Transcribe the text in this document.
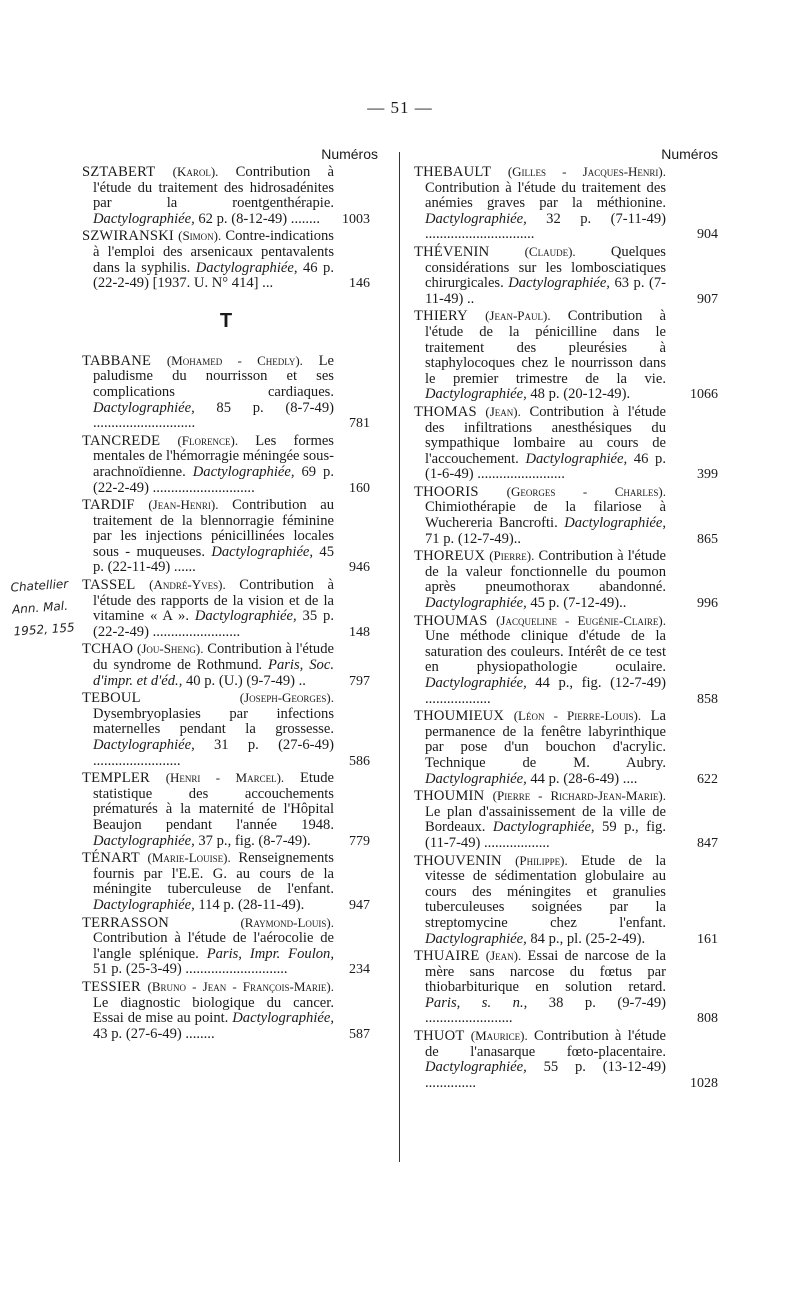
— 51 —
Numéros
SZTABERT (Karol). Contribution à l'étude du traitement des hidrosadénites par la roentgenthérapie. Dactylographiée, 62 p. (8-12-49) ........ 1003
SZWIRANSKI (Simon). Contre-indications à l'emploi des arsenicaux pentavalents dans la syphilis. Dactylographiée, 46 p. (22-2-49) [1937. U. N° 414] ...	146
T
TABBANE (Mohamed - Chedly). Le paludisme du nourrisson et ses complications cardiaques. Dactylographiée, 85 p. (8-7-49) ............................	781
TANCREDE (Florence). Les formes mentales de l'hémorragie méningée sous-arachnoïdienne. Dactylographiée, 69 p. (22-2-49) ............................	160
TARDIF (Jean-Henri). Contribution au traitement de la blennorragie féminine par les injections pénicillinées locales sous - muqueuses. Dactylographiée, 45 p. (22-11-49) ......	946
TASSEL (André-Yves). Contribution à l'étude des rapports de la vision et de la vitamine « A ». Dactylographiée, 35 p. (22-2-49) ........................	148
TCHAO (Jou-Sheng). Contribution à l'étude du syndrome de Rothmund. Paris, Soc. d'impr. et d'éd., 40 p. (U.) (9-7-49) ..	797
TEBOUL	(Joseph-Georges). Dysembryoplasies par infections maternelles pendant la grossesse. Dactylographiée, 31 p. (27-6-49) ........................	586
TEMPLER (Henri - Marcel). Etude statistique des accouchements prématurés à la maternité de l'Hôpital Beaujon pendant l'année 1948. Dactylographiée, 37 p., fig. (8-7-49).	779
TÉNART (Marie-Louise). Renseignements fournis par l'E.E. G. au cours de la méningite tuberculeuse de l'enfant. Dactylographiée, 114 p. (28-11-49).	947
TERRASSON	(Raymond-Louis). Contribution à l'étude de l'aérocolie de l'angle splénique. Paris, Impr. Foulon, 51 p. (25-3-49) ............................	234
TESSIER (Bruno - Jean - François-Marie). Le diagnostic biologique du cancer. Essai de mise au point. Dactylographiée, 43 p. (27-6-49) ........	587
Chatellier
Ann. Mal.
1952, 155
Numéros
THEBAULT (Gilles - Jacques-Henri). Contribution à l'étude du traitement des anémies graves par la méthionine. Dactylographiée, 32 p. (7-11-49) ..............................	904
THÉVENIN	(Claude). Quelques considérations sur les lombosciatiques chirurgicales. Dactylographiée, 63 p. (7-11-49) ..	907
THIERY (Jean-Paul). Contribution à l'étude de la pénicilline dans le traitement des pleurésies à staphylocoques chez le nourrisson dans le premier trimestre de la vie. Dactylographiée, 48 p. (20-12-49).	1066
THOMAS (Jean). Contribution à l'étude des infiltrations anesthésiques du sympathique lombaire au cours de l'accouchement. Dactylographiée, 46 p. (1-6-49) ........................	399
THOORIS (Georges - Charles). Chimiothérapie de la filariose à Wuchereria Bancrofti. Dactylographiée, 71 p. (12-7-49)..	865
THOREUX (Pierre). Contribution à l'étude de la valeur fonctionnelle du poumon après pneumothorax abandonné. Dactylographiée, 45 p. (7-12-49)..	996
THOUMAS (Jacqueline - Eugénie-Claire). Une méthode clinique d'étude de la saturation des couleurs. Intérêt de ce test en physiopathologie oculaire. Dactylographiée, 44 p., fig. (12-7-49) ..................	858
THOUMIEUX (Léon - Pierre-Louis). La permanence de la fenêtre labyrinthique par pose d'un bouchon d'acrylic. Technique de M. Aubry. Dactylographiée, 44 p. (28-6-49) ....	622
THOUMIN (Pierre - Richard-Jean-Marie). Le plan d'assainissement de la ville de Bordeaux. Dactylographiée, 59 p., fig. (11-7-49) ..................	847
THOUVENIN (Philippe). Etude de la vitesse de sédimentation globulaire au cours des méningites et granulies tuberculeuses soignées par la streptomycine chez l'enfant. Dactylographiée, 84 p., pl. (25-2-49).	161
THUAIRE (Jean). Essai de narcose de la mère sans narcose du fœtus par thiobarbiturique en solution retard. Paris, s. n., 38 p. (9-7-49) ........................	808
THUOT (Maurice). Contribution à l'étude de l'anasarque fœto-placentaire. Dactylographiée, 55 p. (13-12-49) ..............	1028
